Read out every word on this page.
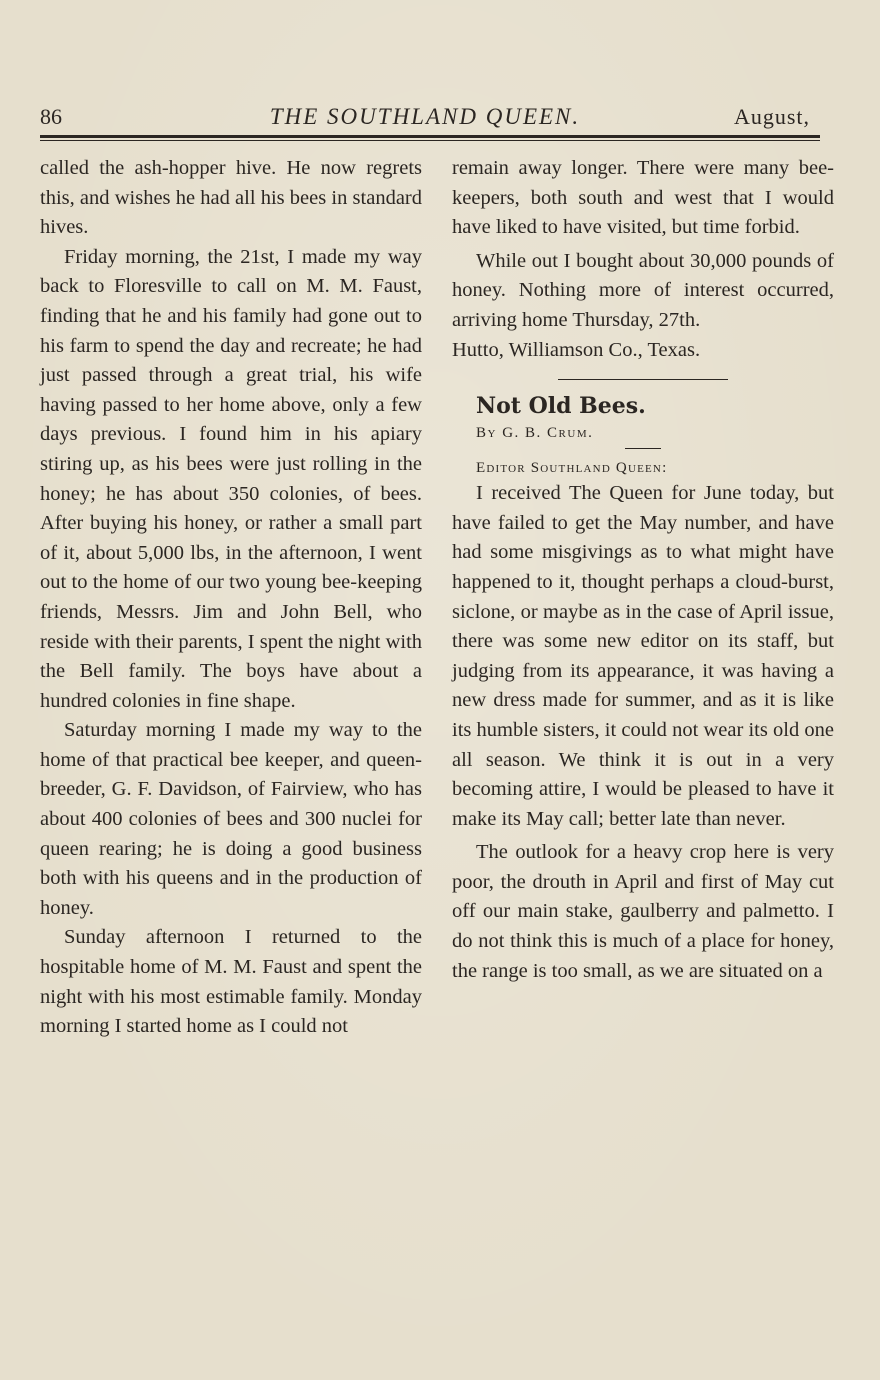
86	THE SOUTHLAND QUEEN.	August,

called the ash-hopper hive. He now regrets this, and wishes he had all his bees in standard hives.

Friday morning, the 21st, I made my way back to Floresville to call on M. M. Faust, finding that he and his family had gone out to his farm to spend the day and recreate; he had just passed through a great trial, his wife having passed to her home above, only a few days previous. I found him in his apiary stiring up, as his bees were just rolling in the honey; he has about 350 colonies, of bees. After buying his honey, or rather a small part of it, about 5,000 lbs, in the afternoon, I went out to the home of our two young bee-keeping friends, Messrs. Jim and John Bell, who reside with their parents, I spent the night with the Bell family. The boys have about a hundred colonies in fine shape.

Saturday morning I made my way to the home of that practical bee keeper, and queen-breeder, G. F. Davidson, of Fairview, who has about 400 colonies of bees and 300 nuclei for queen rearing; he is doing a good business both with his queens and in the production of honey.

Sunday afternoon I returned to the hospitable home of M. M. Faust and spent the night with his most estimable family. Monday morning I started home as I could not

remain away longer. There were many bee-keepers, both south and west that I would have liked to have visited, but time forbid.

While out I bought about 30,000 pounds of honey. Nothing more of interest occurred, arriving home Thursday, 27th.

Hutto, Williamson Co., Texas.

Not Old Bees.

By G. B. Crum.

Editor Southland Queen:

I received The Queen for June today, but have failed to get the May number, and have had some misgivings as to what might have happened to it, thought perhaps a cloud-burst, siclone, or maybe as in the case of April issue, there was some new editor on its staff, but judging from its appearance, it was having a new dress made for summer, and as it is like its humble sisters, it could not wear its old one all season. We think it is out in a very becoming attire, I would be pleased to have it make its May call; better late than never.

The outlook for a heavy crop here is very poor, the drouth in April and first of May cut off our main stake, gaulberry and palmetto. I do not think this is much of a place for honey, the range is too small, as we are situated on a
